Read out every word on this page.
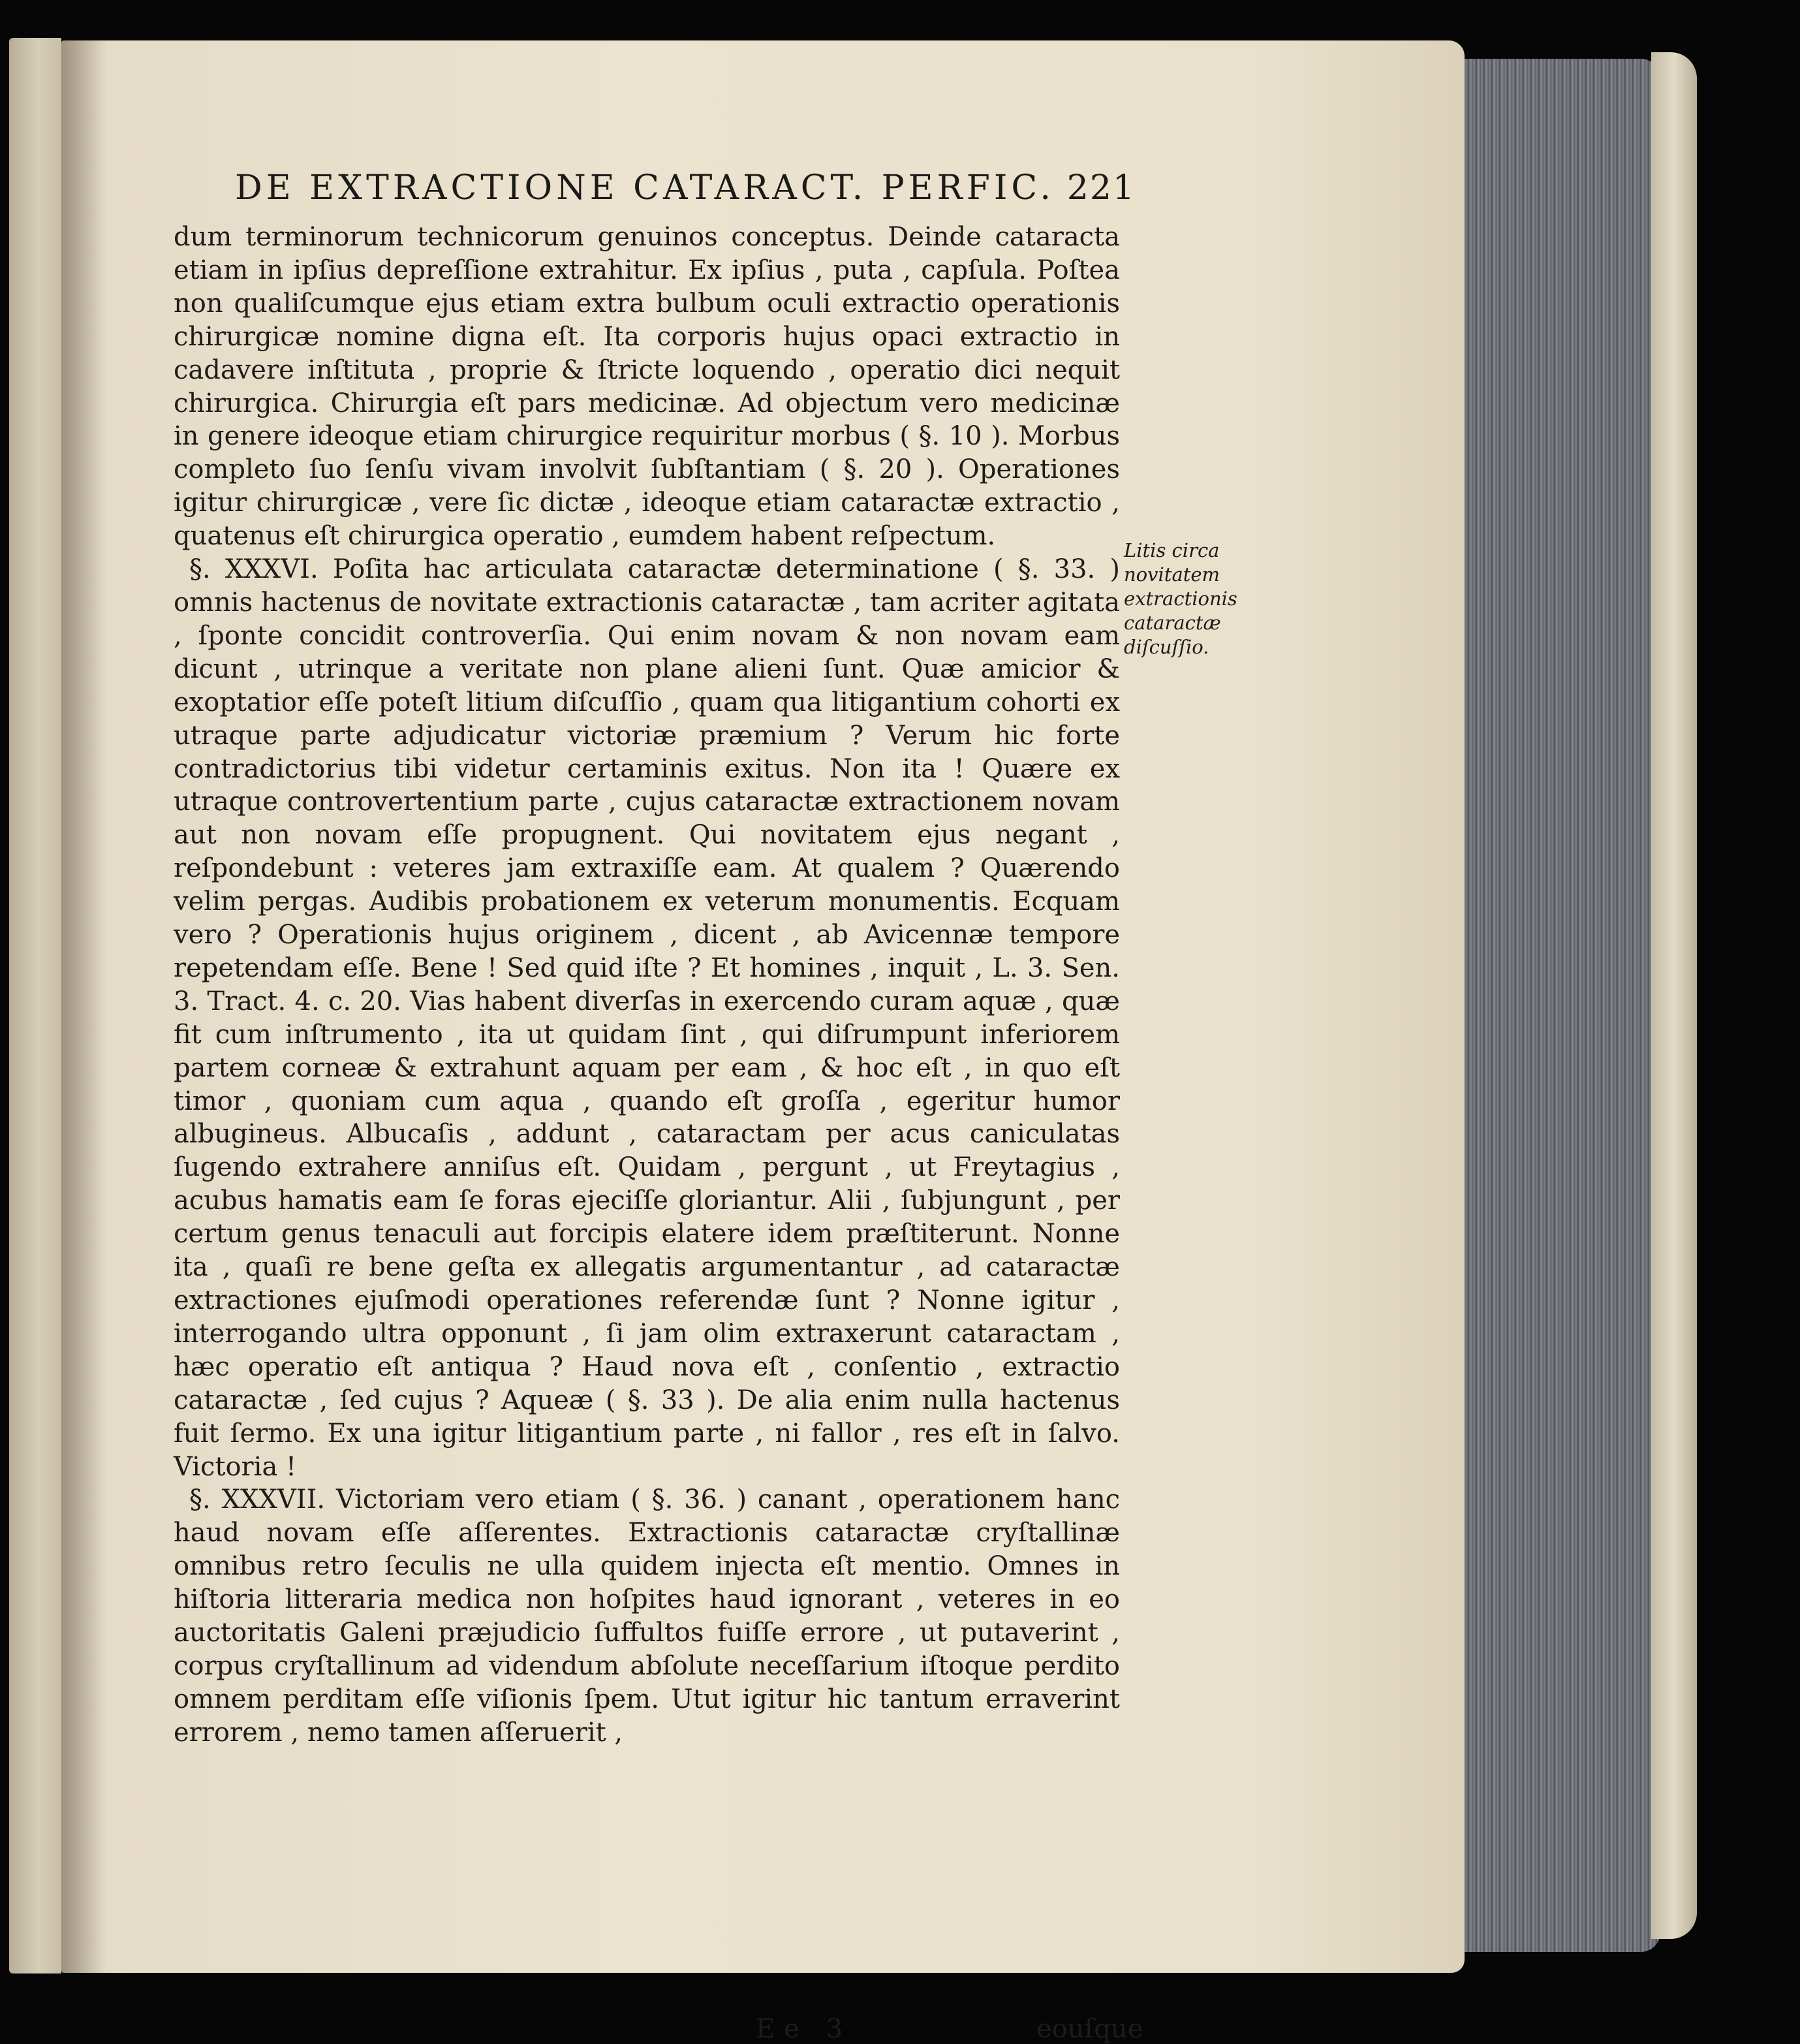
DE EXTRACTIONE CATARACT. PERFIC. 221

dum terminorum technicorum genuinos conceptus. Deinde cataracta etiam in ipſius depreſſione extrahitur. Ex ipſius , puta , capſula. Poſtea non qualiſcumque ejus etiam extra bulbum oculi extractio operationis chirurgicæ nomine digna eſt. Ita corporis hujus opaci extractio in cadavere inſtituta , proprie & ſtricte loquendo , operatio dici nequit chirurgica. Chirurgia eſt pars medicinæ. Ad objectum vero medicinæ in genere ideoque etiam chirurgice requiritur morbus ( §. 10 ). Morbus completo ſuo ſenſu vivam involvit ſubſtantiam ( §. 20 ). Operationes igitur chirurgicæ , vere ſic dictæ , ideoque etiam cataractæ extractio , quatenus eſt chirurgica operatio , eumdem habent reſpectum.

§. XXXVI. Poſita hac articulata cataractæ determinatione ( §. 33. ) omnis hactenus de novitate extractionis cataractæ , tam acriter agitata , ſponte concidit controverſia. Qui enim novam & non novam eam dicunt , utrinque a veritate non plane alieni ſunt. Quæ amicior & exoptatior eſſe poteſt litium diſcuſſio , quam qua litigantium cohorti ex utraque parte adjudicatur victoriæ præmium ? Verum hic forte contradictorius tibi videtur certaminis exitus. Non ita ! Quære ex utraque controvertentium parte , cujus cataractæ extractionem novam aut non novam eſſe propugnent. Qui novitatem ejus negant , reſpondebunt : veteres jam extraxiſſe eam. At qualem ? Quærendo velim pergas. Audibis probationem ex veterum monumentis. Ecquam vero ? Operationis hujus originem , dicent , ab Avicennæ tempore repetendam eſſe. Bene ! Sed quid iſte ? Et homines , inquit , L. 3. Sen. 3. Tract. 4. c. 20. Vias habent diverſas in exercendo curam aquæ , quæ fit cum inſtrumento , ita ut quidam ſint , qui diſrumpunt inferiorem partem corneæ & extrahunt aquam per eam , & hoc eſt , in quo eſt timor , quoniam cum aqua , quando eſt groſſa , egeritur humor albugineus. Albucaſis , addunt , cataractam per acus caniculatas ſugendo extrahere anniſus eſt. Quidam , pergunt , ut Freytagius , acubus hamatis eam ſe foras ejeciſſe gloriantur. Alii , ſubjungunt , per certum genus tenaculi aut forcipis elatere idem præſtiterunt. Nonne ita , quaſi re bene geſta ex allegatis argumentantur , ad cataractæ extractiones ejuſmodi operationes referendæ ſunt ? Nonne igitur , interrogando ultra opponunt , ſi jam olim extraxerunt cataractam , hæc operatio eſt antiqua ? Haud nova eſt , conſentio , extractio cataractæ , ſed cujus ? Aqueæ ( §. 33 ). De alia enim nulla hactenus fuit ſermo. Ex una igitur litigantium parte , ni fallor , res eſt in ſalvo. Victoria !

§. XXXVII. Victoriam vero etiam ( §. 36. ) canant , operationem hanc haud novam eſſe aſſerentes. Extractionis cataractæ cryſtallinæ omnibus retro ſeculis ne ulla quidem injecta eſt mentio. Omnes in hiſtoria litteraria medica non hoſpites haud ignorant , veteres in eo auctoritatis Galeni præjudicio ſuffultos fuiſſe errore , ut putaverint , corpus cryſtallinum ad videndum abſolute neceſſarium iſtoque perdito omnem perditam eſſe viſionis ſpem. Utut igitur hic tantum erraverint errorem , nemo tamen aſſeruerit ,

Litis circa novitatem extractionis cataractæ diſcuſſio.
Ee 3	eouſque
